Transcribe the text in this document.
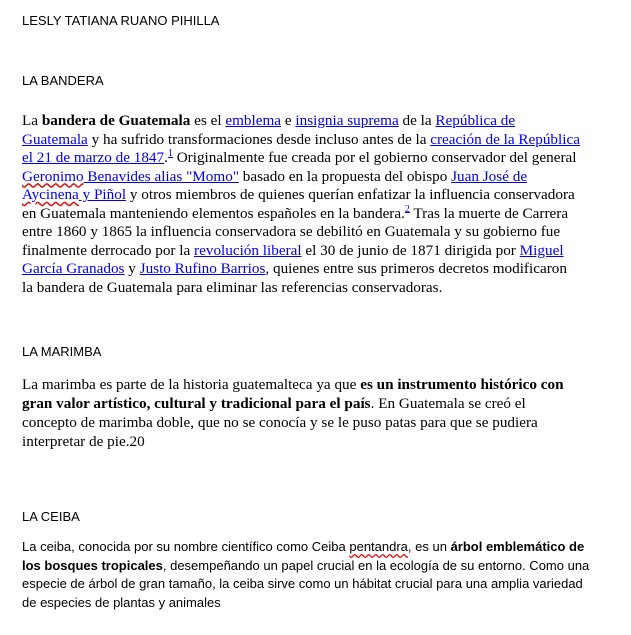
LESLY TATIANA RUANO PIHILLA
LA BANDERA
La bandera de Guatemala es el emblema e insignia suprema de la República de
Guatemala y ha sufrido transformaciones desde incluso antes de la creación de la República
el 21 de marzo de 1847.$^1$ Originalmente fue creada por el gobierno conservador del general
Geronimo Benavides alias "Momo" basado en la propuesta del obispo Juan José de
Aycinena y Piñol y otros miembros de quienes querían enfatizar la influencia conservadora
en Guatemala manteniendo elementos españoles en la bandera.$^2$ Tras la muerte de Carrera
entre 1860 y 1865 la influencia conservadora se debilitó en Guatemala y su gobierno fue
finalmente derrocado por la revolución liberal el 30 de junio de 1871 dirigida por Miguel
García Granados y Justo Rufino Barrios, quienes entre sus primeros decretos modificaron
la bandera de Guatemala para eliminar las referencias conservadoras.
LA MARIMBA
La marimba es parte de la historia guatemalteca ya que es un instrumento histórico con
gran valor artístico, cultural y tradicional para el país. En Guatemala se creó el
concepto de marimba doble, que no se conocía y se le puso patas para que se pudiera
interpretar de pie.20
LA CEIBA
La ceiba, conocida por su nombre científico como Ceiba pentandra, es un árbol emblemático de
los bosques tropicales, desempeñando un papel crucial en la ecología de su entorno. Como una
especie de árbol de gran tamaño, la ceiba sirve como un hábitat crucial para una amplia variedad
de especies de plantas y animales
